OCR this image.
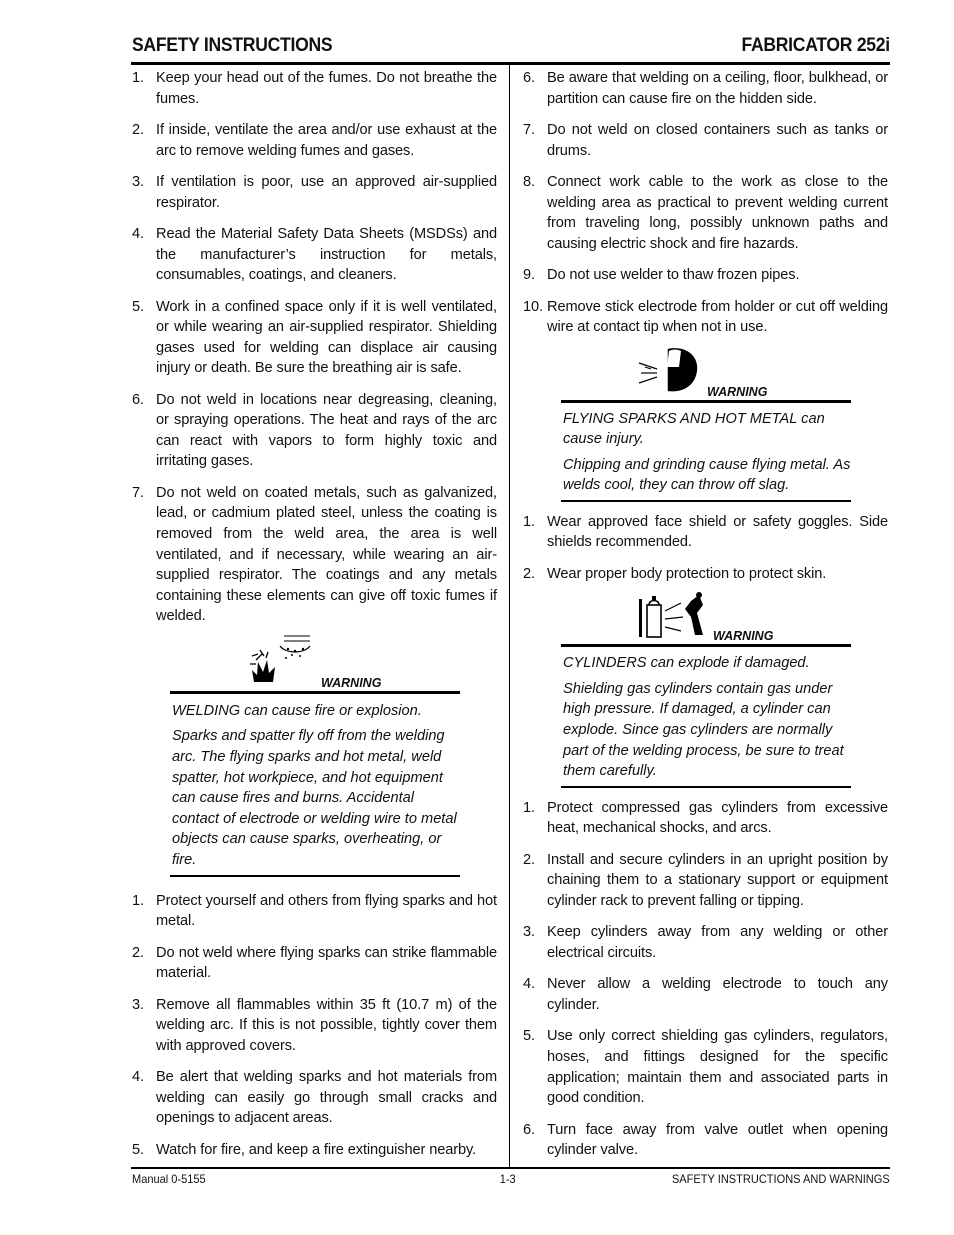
SAFETY INSTRUCTIONS	FABRICATOR 252i
1. Keep your head out of the fumes. Do not breathe the fumes.
2. If inside, ventilate the area and/or use exhaust at the arc to remove welding fumes and gases.
3. If ventilation is poor, use an approved air-supplied respirator.
4. Read the Material Safety Data Sheets (MSDSs) and the manufacturer’s instruction for metals, consumables, coatings, and cleaners.
5. Work in a confined space only if it is well ventilated, or while wearing an air-supplied respirator. Shielding gases used for welding can displace air causing injury or death. Be sure the breathing air is safe.
6. Do not weld in locations near degreasing, cleaning, or spraying operations. The heat and rays of the arc can react with vapors to form highly toxic and irritating gases.
7. Do not weld on coated metals, such as galvanized, lead, or cadmium plated steel, unless the coating is removed from the weld area, the area is well ventilated, and if necessary, while wearing an air-supplied respirator. The coatings and any metals containing these elements can give off toxic fumes if welded.
WARNING

WELDING can cause fire or explosion.

Sparks and spatter fly off from the welding arc. The flying sparks and hot metal, weld spatter, hot workpiece, and hot equipment can cause fires and burns. Accidental contact of electrode or welding wire to metal objects can cause sparks, overheating, or fire.

1. Protect yourself and others from flying sparks and hot metal.
2. Do not weld where flying sparks can strike flammable material.
3. Remove all flammables within 35 ft (10.7 m) of the welding arc. If this is not possible, tightly cover them with approved covers.
4. Be alert that welding sparks and hot materials from welding can easily go through small cracks and openings to adjacent areas.
5. Watch for fire, and keep a fire extinguisher nearby.
6. Be aware that welding on a ceiling, floor, bulkhead, or partition can cause fire on the hidden side.
7. Do not weld on closed containers such as tanks or drums.
8. Connect work cable to the work as close to the welding area as practical to prevent welding current from traveling long, possibly unknown paths and causing electric shock and fire hazards.
9. Do not use welder to thaw frozen pipes.
10. Remove stick electrode from holder or cut off welding wire at contact tip when not in use.
WARNING

FLYING SPARKS AND HOT METAL can cause injury.

Chipping and grinding cause flying metal. As welds cool, they can throw off slag.

1. Wear approved face shield or safety goggles. Side shields recommended.
2. Wear proper body protection to protect skin.
WARNING

CYLINDERS can explode if damaged.

Shielding gas cylinders contain gas under high pressure. If damaged, a cylinder can explode. Since gas cylinders are normally part of the welding process, be sure to treat them carefully.

1. Protect compressed gas cylinders from excessive heat, mechanical shocks, and arcs.
2. Install and secure cylinders in an upright position by chaining them to a stationary support or equipment cylinder rack to prevent falling or tipping.
3. Keep cylinders away from any welding or other electrical circuits.
4. Never allow a welding electrode to touch any cylinder.
5. Use only correct shielding gas cylinders, regulators, hoses, and fittings designed for the specific application; maintain them and associated parts in good condition.
6. Turn face away from valve outlet when opening cylinder valve.
Manual 0-5155	1-3	SAFETY INSTRUCTIONS AND WARNINGS
